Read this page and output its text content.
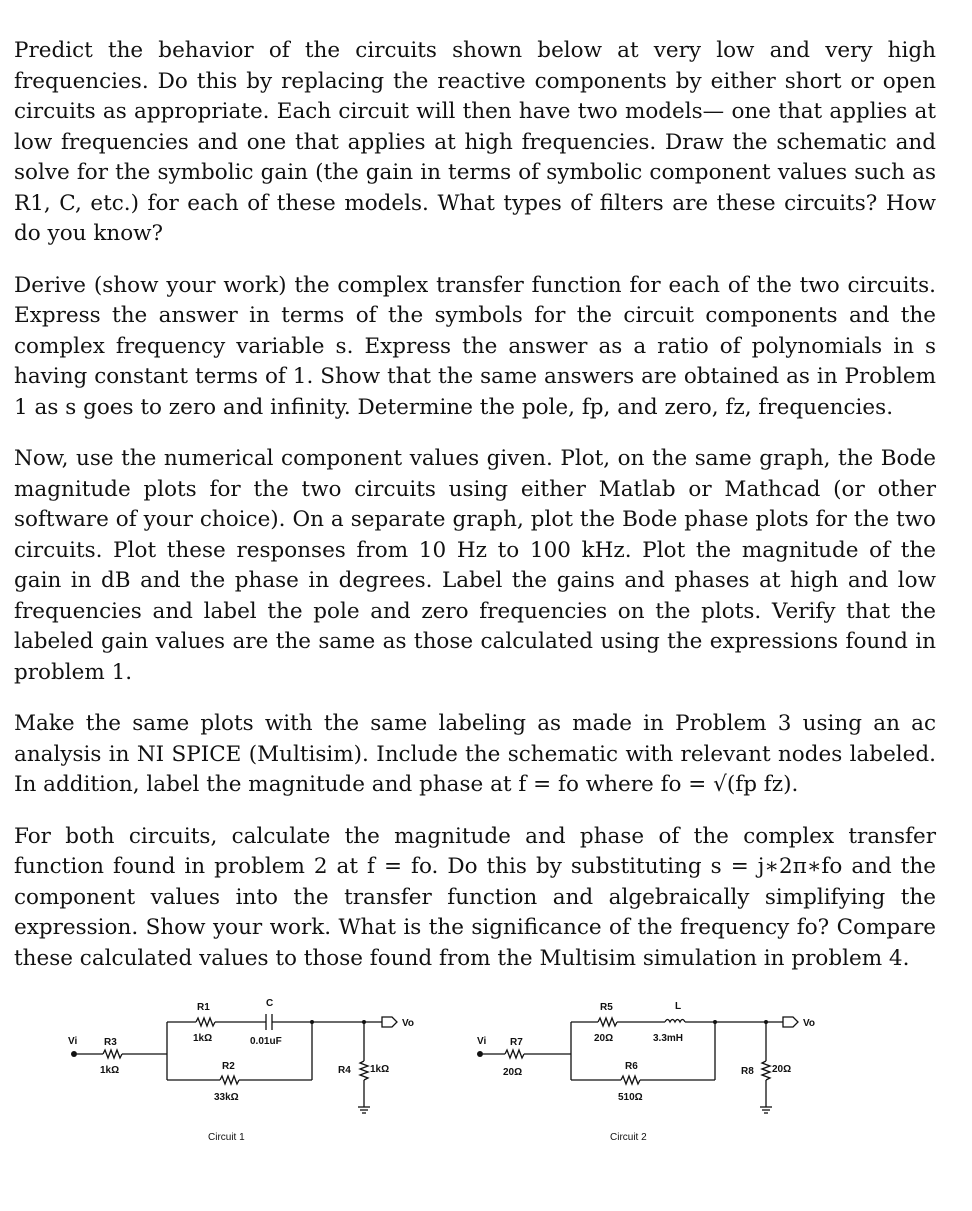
Predict the behavior of the circuits shown below at very low and very high frequencies. Do this by replacing the reactive components by either short or open circuits as appropriate. Each circuit will then have two models— one that applies at low frequencies and one that applies at high frequencies. Draw the schematic and solve for the symbolic gain (the gain in terms of symbolic component values such as R1, C, etc.) for each of these models. What types of filters are these circuits? How do you know?

Derive (show your work) the complex transfer function for each of the two circuits. Express the answer in terms of the symbols for the circuit components and the complex frequency variable s. Express the answer as a ratio of polynomials in s having constant terms of 1. Show that the same answers are obtained as in Problem 1 as s goes to zero and infinity. Determine the pole, fp, and zero, fz, frequencies.

Now, use the numerical component values given. Plot, on the same graph, the Bode magnitude plots for the two circuits using either Matlab or Mathcad (or other software of your choice). On a separate graph, plot the Bode phase plots for the two circuits. Plot these responses from 10 Hz to 100 kHz. Plot the magnitude of the gain in dB and the phase in degrees. Label the gains and phases at high and low frequencies and label the pole and zero frequencies on the plots. Verify that the labeled gain values are the same as those calculated using the expressions found in problem 1.

Make the same plots with the same labeling as made in Problem 3 using an ac analysis in NI SPICE (Multisim). Include the schematic with relevant nodes labeled. In addition, label the magnitude and phase at f = fo where fo = √(fp fz).

For both circuits, calculate the magnitude and phase of the complex transfer function found in problem 2 at f = fo. Do this by substituting s = j∗2π∗fo and the component values into the transfer function and algebraically simplifying the expression. Show your work. What is the significance of the frequency fo? Compare these calculated values to those found from the Multisim simulation in problem 4.

Vi	R3
1kΩ
R1
1kΩ
C
0.01uF
R2
33kΩ
Vo
R4 1kΩ
Circuit 1
Vi R7
20Ω
R5
20Ω
L
3.3mH
R6
510Ω
Vo
R8 20Ω
Circuit 2
